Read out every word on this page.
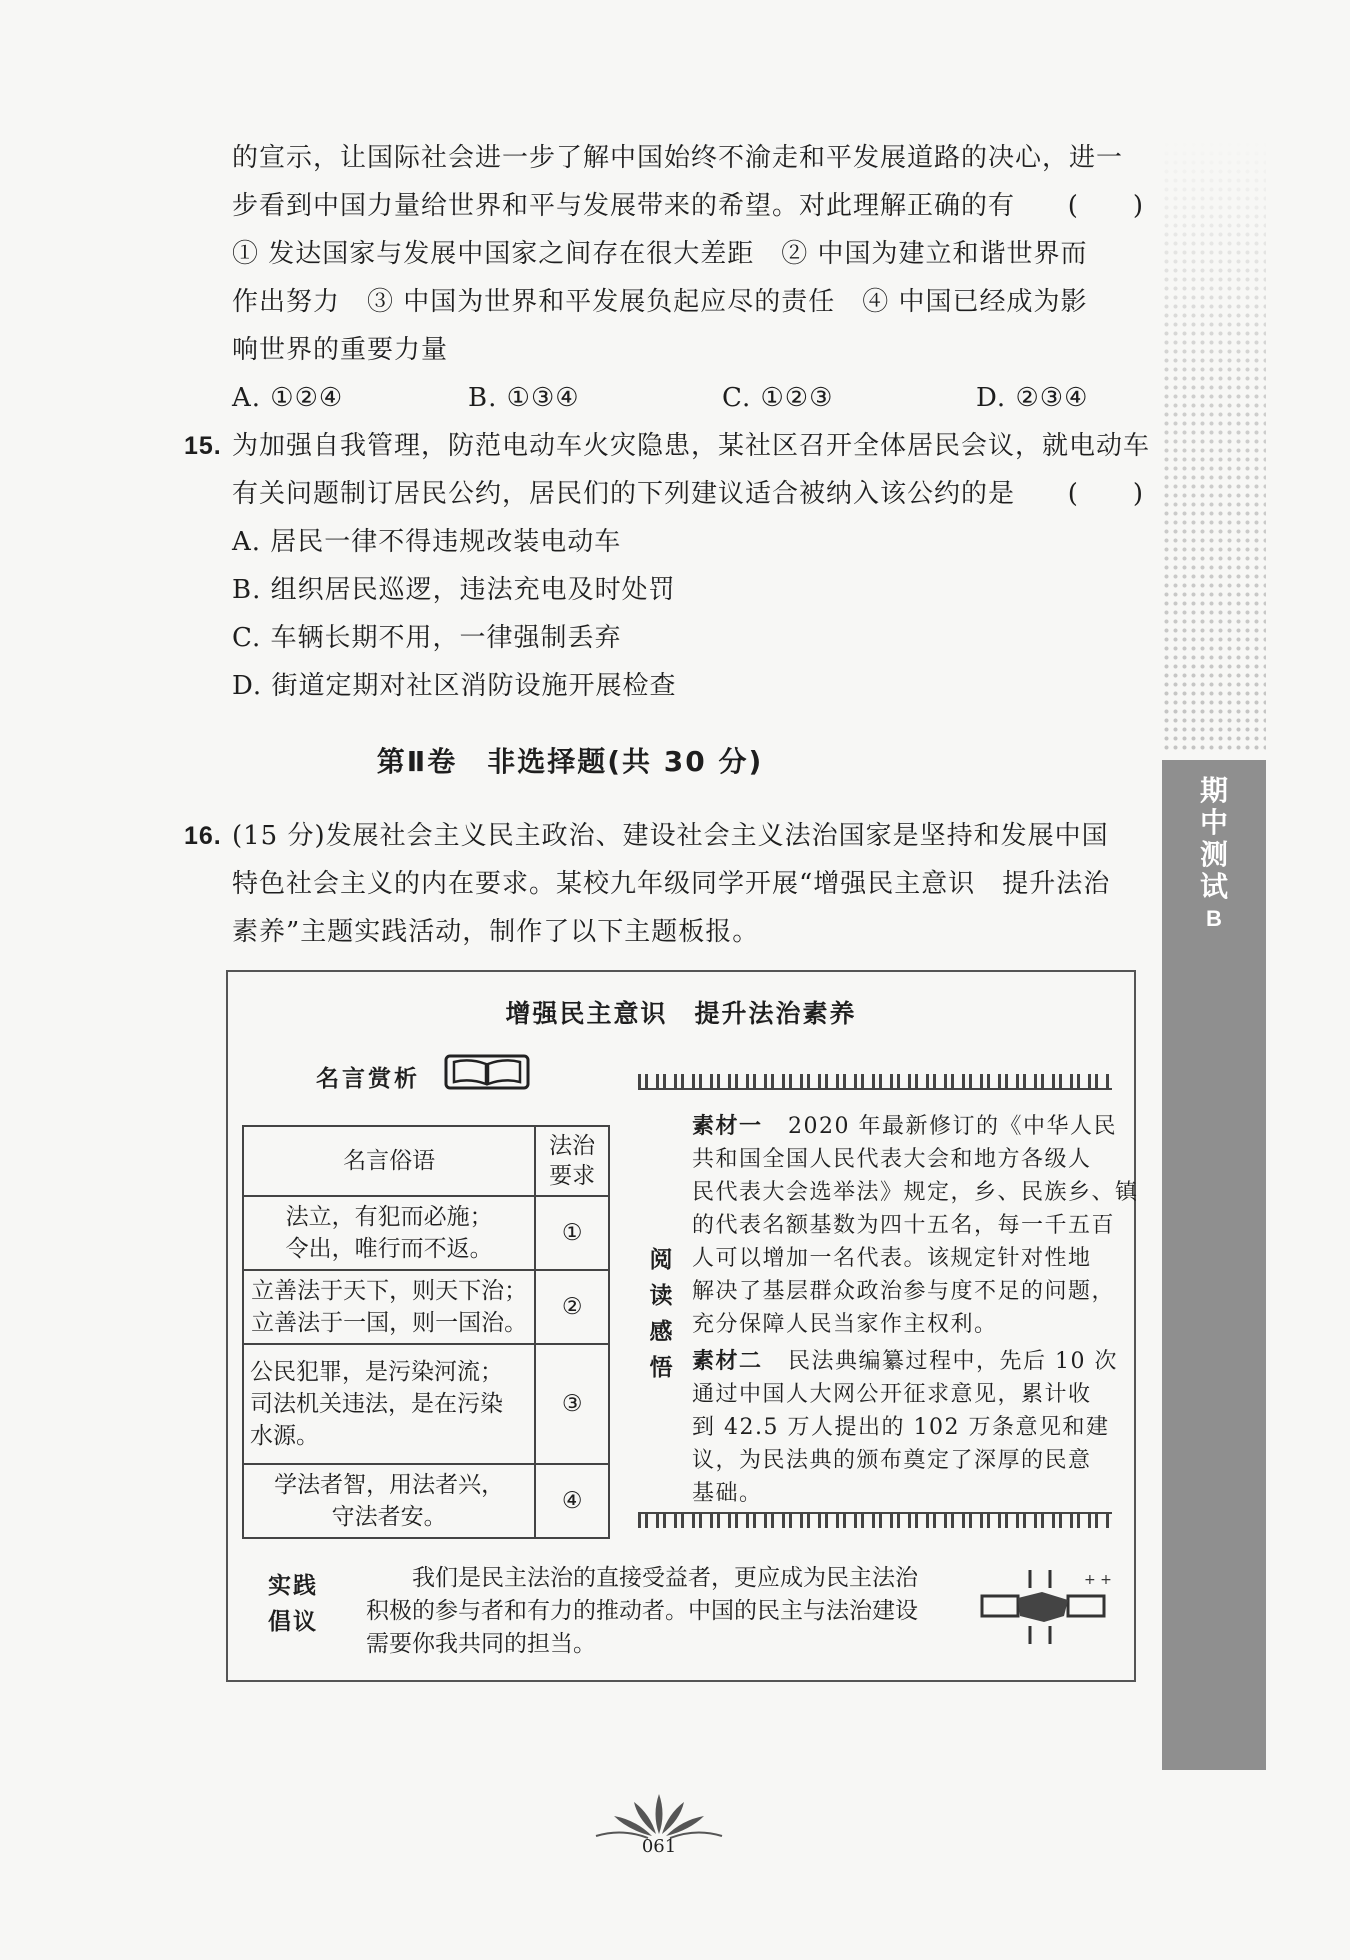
期
中
测
试
B
的宣示，让国际社会进一步了解中国始终不渝走和平发展道路的决心，进一
步看到中国力量给世界和平与发展带来的希望。对此理解正确的有 (　　)
① 发达国家与发展中国家之间存在很大差距　② 中国为建立和谐世界而
作出努力　③ 中国为世界和平发展负起应尽的责任　④ 中国已经成为影
响世界的重要力量
A. ①②④	B. ①③④	C. ①②③	D. ②③④
15. 为加强自我管理，防范电动车火灾隐患，某社区召开全体居民会议，就电动车
有关问题制订居民公约，居民们的下列建议适合被纳入该公约的是 (　　)
A. 居民一律不得违规改装电动车
B. 组织居民巡逻，违法充电及时处罚
C. 车辆长期不用，一律强制丢弃
D. 街道定期对社区消防设施开展检查
第Ⅱ卷　非选择题(共 30 分)
16. (15 分)发展社会主义民主政治、建设社会主义法治国家是坚持和发展中国
特色社会主义的内在要求。某校九年级同学开展“增强民主意识　提升法治
素养”主题实践活动，制作了以下主题板报。
增强民主意识　提升法治素养
名言赏析
名言俗语	法治要求

法立，有犯而必施；
令出，唯行而不返。	①

立善法于天下，则天下治；
立善法于一国，则一国治。	②

公民犯罪，是污染河流；
司法机关违法，是在污染
水源。	③

学法者智，用法者兴，
守法者安。	④
阅
读
感
悟
素材一 2020 年最新修订的《中华人民
共和国全国人民代表大会和地方各级人
民代表大会选举法》规定，乡、民族乡、镇
的代表名额基数为四十五名，每一千五百
人可以增加一名代表。该规定针对性地
解决了基层群众政治参与度不足的问题，
充分保障人民当家作主权利。
素材二 民法典编纂过程中，先后 10 次
通过中国人大网公开征求意见，累计收
到 42.5 万人提出的 102 万条意见和建
议，为民法典的颁布奠定了深厚的民意
基础。
实践
倡议
我们是民主法治的直接受益者，更应成为民主法治
积极的参与者和有力的推动者。中国的民主与法治建设
需要你我共同的担当。
+ +
061
